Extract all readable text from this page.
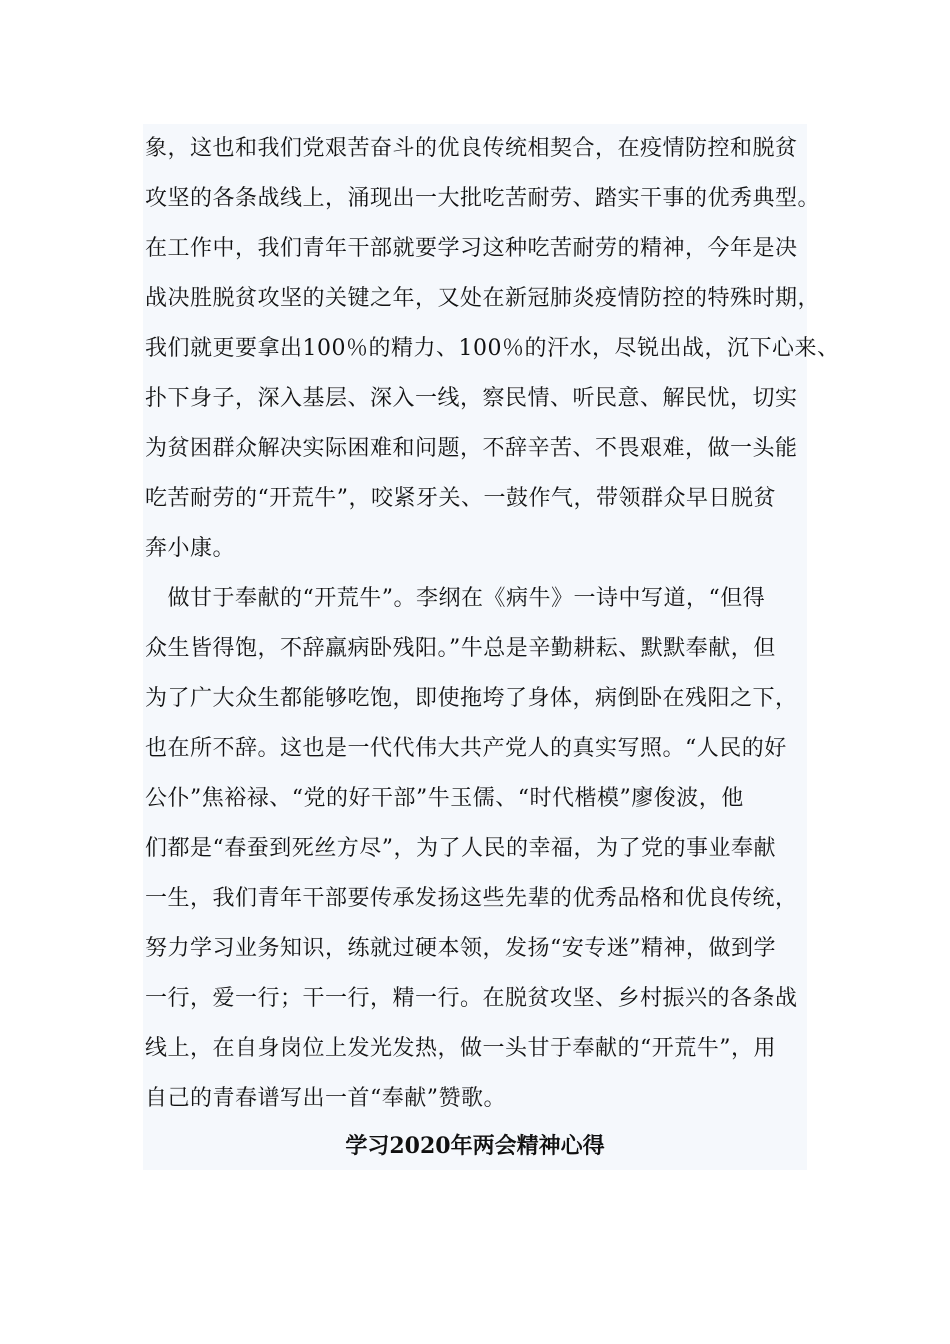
象，这也和我们党艰苦奋斗的优良传统相契合，在疫情防控和脱贫
攻坚的各条战线上，涌现出一大批吃苦耐劳、踏实干事的优秀典型。
在工作中，我们青年干部就要学习这种吃苦耐劳的精神，今年是决
战决胜脱贫攻坚的关键之年，又处在新冠肺炎疫情防控的特殊时期，
我们就更要拿出100％的精力、100％的汗水，尽锐出战，沉下心来、
扑下身子，深入基层、深入一线，察民情、听民意、解民忧，切实
为贫困群众解决实际困难和问题，不辞辛苦、不畏艰难，做一头能
吃苦耐劳的“开荒牛”，咬紧牙关、一鼓作气，带领群众早日脱贫
奔小康。
　做甘于奉献的“开荒牛”。李纲在《病牛》一诗中写道，“但得
众生皆得饱，不辞羸病卧残阳。”牛总是辛勤耕耘、默默奉献，但
为了广大众生都能够吃饱，即使拖垮了身体，病倒卧在残阳之下，
也在所不辞。这也是一代代伟大共产党人的真实写照。“人民的好
公仆”焦裕禄、“党的好干部”牛玉儒、“时代楷模”廖俊波，他
们都是“春蚕到死丝方尽”，为了人民的幸福，为了党的事业奉献
一生，我们青年干部要传承发扬这些先辈的优秀品格和优良传统，
努力学习业务知识，练就过硬本领，发扬“安专迷”精神，做到学
一行，爱一行；干一行，精一行。在脱贫攻坚、乡村振兴的各条战
线上，在自身岗位上发光发热，做一头甘于奉献的“开荒牛”，用
自己的青春谱写出一首“奉献”赞歌。
学习2020年两会精神心得
